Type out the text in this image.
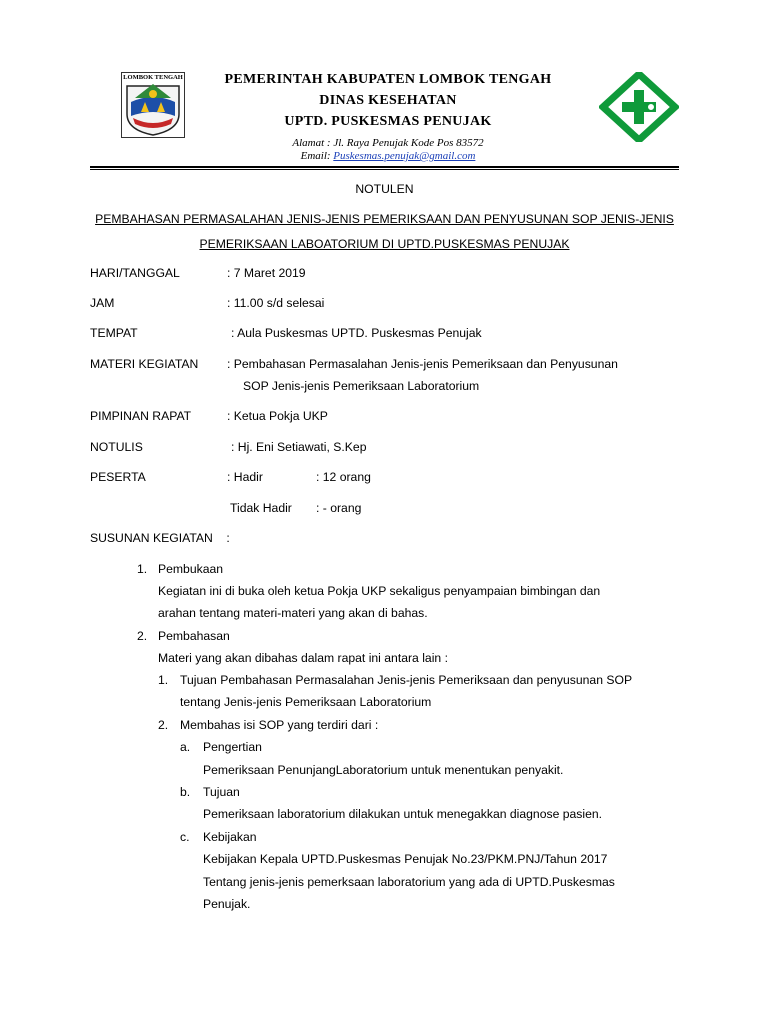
LOMBOK TENGAH	PEMERINTAH KABUPATEN LOMBOK TENGAH
DINAS KESEHATAN
UPTD. PUSKESMAS PENUJAK
Alamat : Jl. Raya Penujak Kode Pos 83572
Email: Puskesmas.penujak@gmail.com
NOTULEN
PEMBAHASAN PERMASALAHAN JENIS-JENIS PEMERIKSAAN DAN PENYUSUNAN SOP JENIS-JENIS
PEMERIKSAAN LABOATORIUM DI UPTD.PUSKESMAS PENUJAK
HARI/TANGGAL	: 7 Maret 2019
JAM	: 11.00 s/d selesai
TEMPAT	: Aula Puskesmas UPTD. Puskesmas Penujak
MATERI KEGIATAN : Pembahasan Permasalahan Jenis-jenis Pemeriksaan dan Penyusunan
SOP Jenis-jenis Pemeriksaan Laboratorium
PIMPINAN RAPAT	: Ketua Pokja UKP
NOTULIS	: Hj. Eni Setiawati, S.Kep
PESERTA	: Hadir	: 12 orang
Tidak Hadir : - orang
SUSUNAN KEGIATAN    :
1. Pembukaan
Kegiatan ini di buka oleh ketua Pokja UKP sekaligus penyampaian bimbingan dan
arahan tentang materi-materi yang akan di bahas.
2. Pembahasan
Materi yang akan dibahas dalam rapat ini antara lain :
1. Tujuan Pembahasan Permasalahan Jenis-jenis Pemeriksaan dan penyusunan SOP
tentang Jenis-jenis Pemeriksaan Laboratorium
2. Membahas isi SOP yang terdiri dari :
a. Pengertian
Pemeriksaan PenunjangLaboratorium untuk menentukan penyakit.
b. Tujuan
Pemeriksaan laboratorium dilakukan untuk menegakkan diagnose pasien.
c. Kebijakan
Kebijakan Kepala UPTD.Puskesmas Penujak No.23/PKM.PNJ/Tahun 2017
Tentang jenis-jenis pemerksaan laboratorium yang ada di UPTD.Puskesmas
Penujak.
